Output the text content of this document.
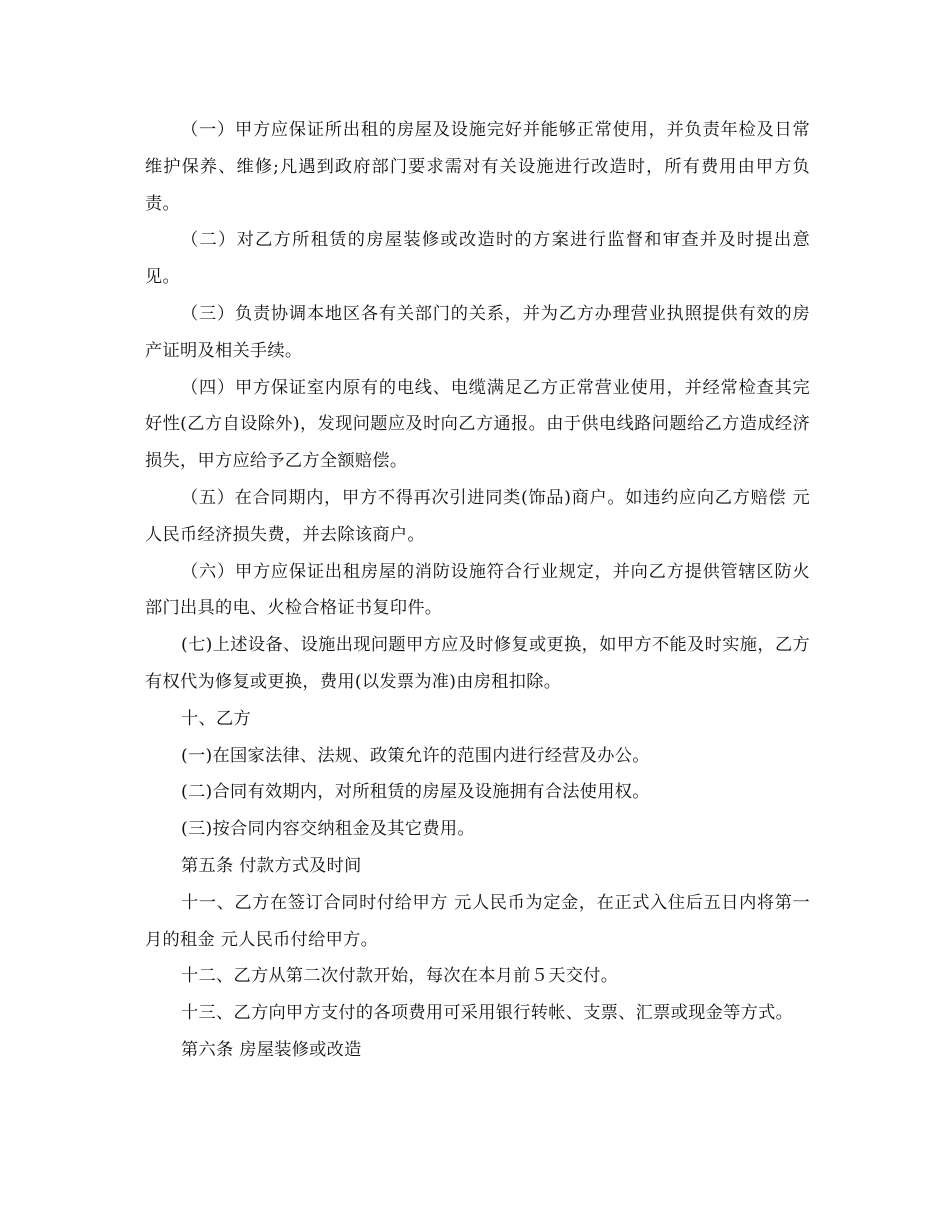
（一）甲方应保证所出租的房屋及设施完好并能够正常使用，并负责年检及日常维护保养、维修;凡遇到政府部门要求需对有关设施进行改造时，所有费用由甲方负责。

（二）对乙方所租赁的房屋装修或改造时的方案进行监督和审查并及时提出意见。

（三）负责协调本地区各有关部门的关系，并为乙方办理营业执照提供有效的房产证明及相关手续。

（四）甲方保证室内原有的电线、电缆满足乙方正常营业使用，并经常检查其完好性(乙方自设除外)，发现问题应及时向乙方通报。由于供电线路问题给乙方造成经济损失，甲方应给予乙方全额赔偿。

（五）在合同期内，甲方不得再次引进同类(饰品)商户。如违约应向乙方赔偿 元人民币经济损失费，并去除该商户。

（六）甲方应保证出租房屋的消防设施符合行业规定，并向乙方提供管辖区防火部门出具的电、火检合格证书复印件。

(七)上述设备、设施出现问题甲方应及时修复或更换，如甲方不能及时实施，乙方有权代为修复或更换，费用(以发票为准)由房租扣除。

十、乙方

(一)在国家法律、法规、政策允许的范围内进行经营及办公。

(二)合同有效期内，对所租赁的房屋及设施拥有合法使用权。

(三)按合同内容交纳租金及其它费用。

第五条 付款方式及时间

十一、乙方在签订合同时付给甲方 元人民币为定金，在正式入住后五日内将第一月的租金 元人民币付给甲方。

十二、乙方从第二次付款开始，每次在本月前５天交付。

十三、乙方向甲方支付的各项费用可采用银行转帐、支票、汇票或现金等方式。

第六条 房屋装修或改造
